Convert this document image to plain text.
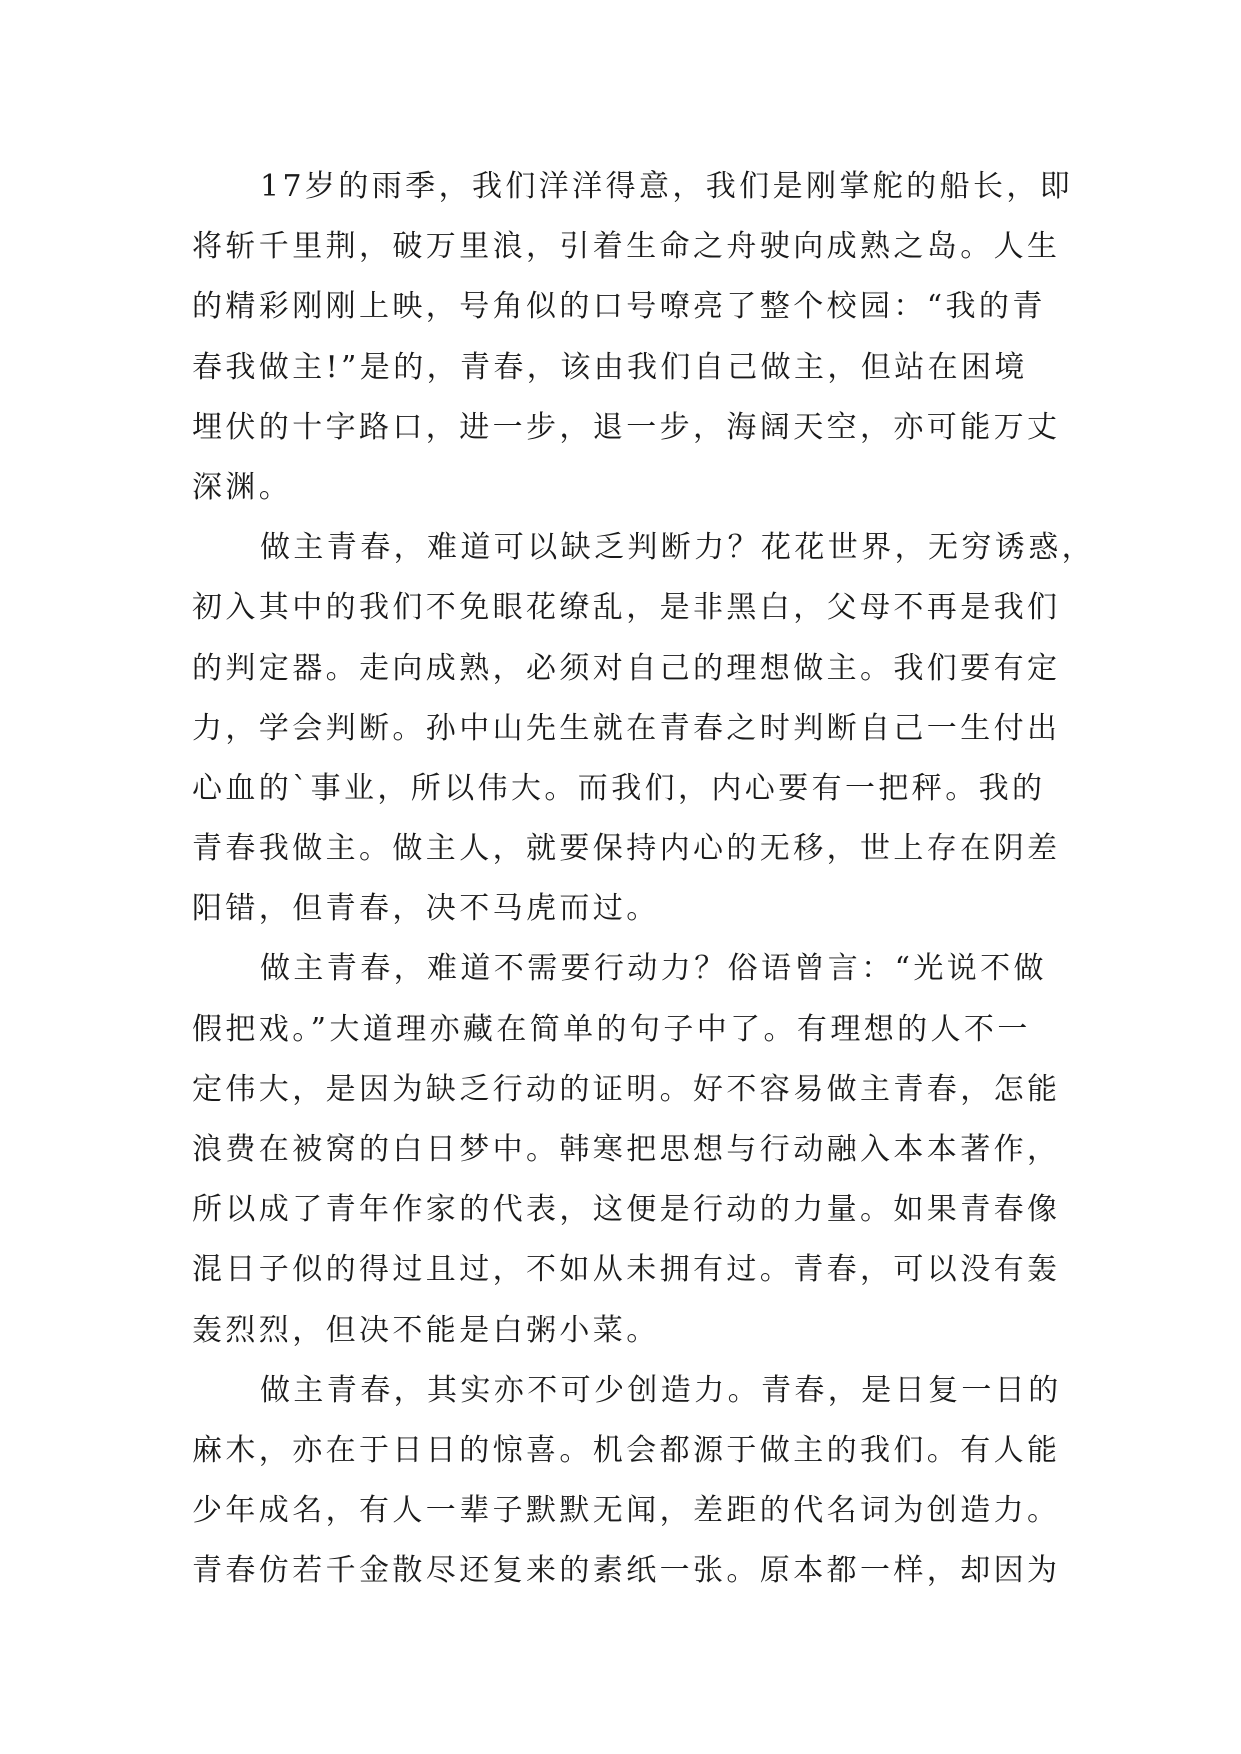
17岁的雨季，我们洋洋得意，我们是刚掌舵的船长，即
将斩千里荆，破万里浪，引着生命之舟驶向成熟之岛。人生
的精彩刚刚上映，号角似的口号嘹亮了整个校园：“我的青
春我做主!”是的，青春，该由我们自己做主，但站在困境
埋伏的十字路口，进一步，退一步，海阔天空，亦可能万丈
深渊。
做主青春，难道可以缺乏判断力？花花世界，无穷诱惑，
初入其中的我们不免眼花缭乱，是非黑白，父母不再是我们
的判定器。走向成熟，必须对自己的理想做主。我们要有定
力，学会判断。孙中山先生就在青春之时判断自己一生付出
心血的`事业，所以伟大。而我们，内心要有一把秤。我的
青春我做主。做主人，就要保持内心的无移，世上存在阴差
阳错，但青春，决不马虎而过。
做主青春，难道不需要行动力？俗语曾言：“光说不做
假把戏。”大道理亦藏在简单的句子中了。有理想的人不一
定伟大，是因为缺乏行动的证明。好不容易做主青春，怎能
浪费在被窝的白日梦中。韩寒把思想与行动融入本本著作，
所以成了青年作家的代表，这便是行动的力量。如果青春像
混日子似的得过且过，不如从未拥有过。青春，可以没有轰
轰烈烈，但决不能是白粥小菜。
做主青春，其实亦不可少创造力。青春，是日复一日的
麻木，亦在于日日的惊喜。机会都源于做主的我们。有人能
少年成名，有人一辈子默默无闻，差距的代名词为创造力。
青春仿若千金散尽还复来的素纸一张。原本都一样，却因为
